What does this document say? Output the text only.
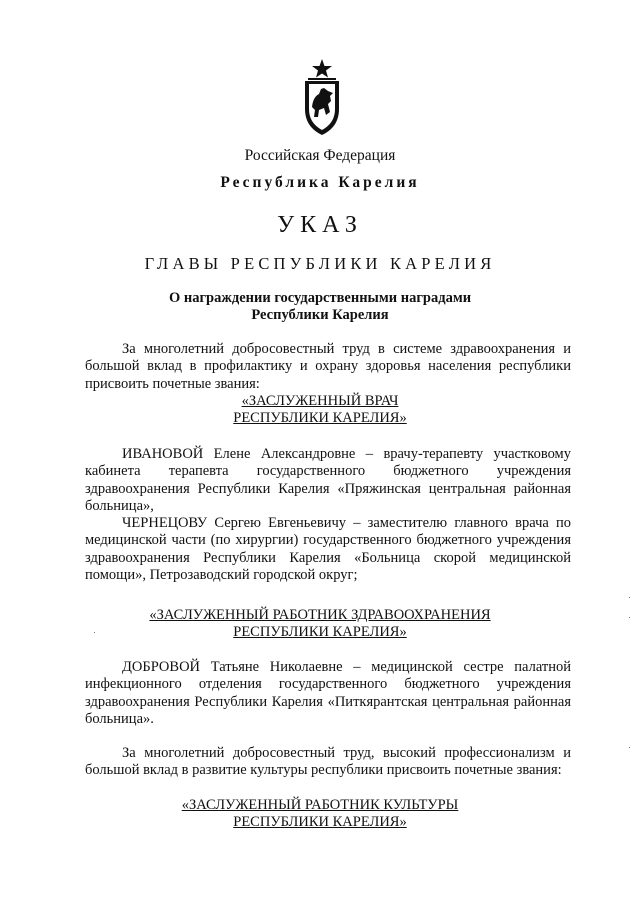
Российская Федерация
Республика Карелия
УКАЗ
ГЛАВЫ РЕСПУБЛИКИ КАРЕЛИЯ
О награждении государственными наградами
Республики Карелия
За многолетний добросовестный труд в системе здравоохранения и большой вклад в профилактику и охрану здоровья населения республики присвоить почетные звания:
«ЗАСЛУЖЕННЫЙ ВРАЧ
РЕСПУБЛИКИ КАРЕЛИЯ»
ИВАНОВОЙ Елене Александровне – врачу-терапевту участковому кабинета терапевта государственного бюджетного учреждения здравоохранения Республики Карелия «Пряжинская центральная районная больница»,
ЧЕРНЕЦОВУ Сергею Евгеньевичу – заместителю главного врача по медицинской части (по хирургии) государственного бюджетного учреждения здравоохранения Республики Карелия «Больница скорой медицинской помощи», Петрозаводский городской округ;
«ЗАСЛУЖЕННЫЙ РАБОТНИК ЗДРАВООХРАНЕНИЯ
РЕСПУБЛИКИ КАРЕЛИЯ»
ДОБРОВОЙ Татьяне Николаевне – медицинской сестре палатной инфекционного отделения государственного бюджетного учреждения здравоохранения Республики Карелия «Питкярантская центральная районная больница».
За многолетний добросовестный труд, высокий профессионализм и большой вклад в развитие культуры республики присвоить почетные звания:
«ЗАСЛУЖЕННЫЙ РАБОТНИК КУЛЬТУРЫ
РЕСПУБЛИКИ КАРЕЛИЯ»
